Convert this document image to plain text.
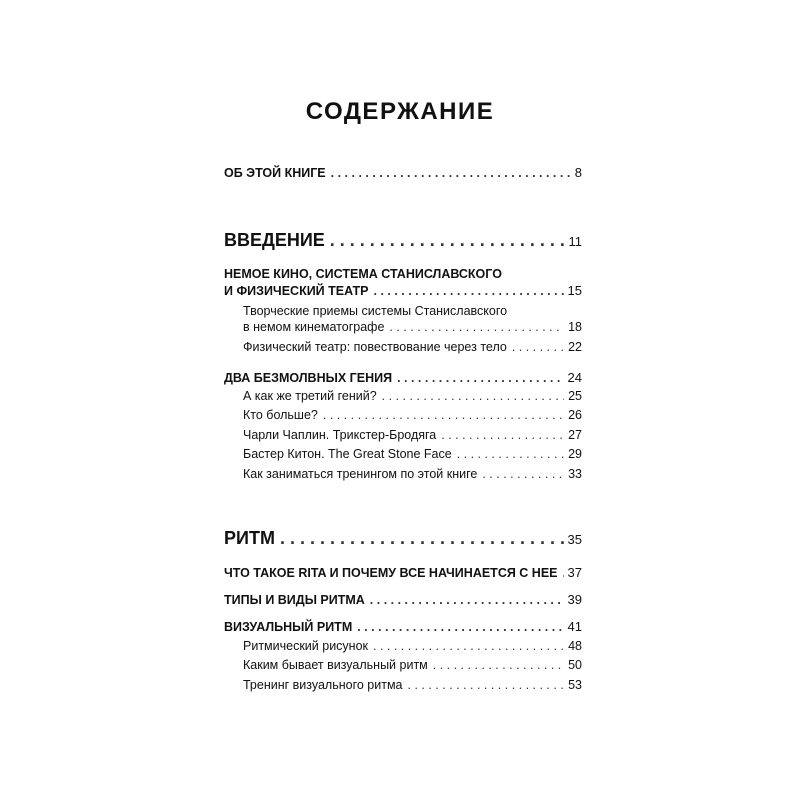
СОДЕРЖАНИЕ
ОБ ЭТОЙ КНИГЕ . . .	8
ВВЕДЕНИЕ . . .	11
НЕМОЕ КИНО, СИСТЕМА СТАНИСЛАВСКОГО
И ФИЗИЧЕСКИЙ ТЕАТР . . .	15
Творческие приемы системы Станиславского
в немом кинематографе . . .	18
Физический театр: повествование через тело . . .	22
ДВА БЕЗМОЛВНЫХ ГЕНИЯ . . .	24
А как же третий гений? . . .	25
Кто больше? . . .	26
Чарли Чаплин. Трикстер-Бродяга . . .	27
Бастер Китон. The Great Stone Face . . .	29
Как заниматься тренингом по этой книге . . .	33
РИТМ . . .	35
ЧТО ТАКОЕ RITA И ПОЧЕМУ ВСЕ НАЧИНАЕТСЯ С НЕЕ . . . 37
ТИПЫ И ВИДЫ РИТМА . . .	39
ВИЗУАЛЬНЫЙ РИТМ . . .	41
Ритмический рисунок . . .	48
Каким бывает визуальный ритм . . .	50
Тренинг визуального ритма . . .	53
